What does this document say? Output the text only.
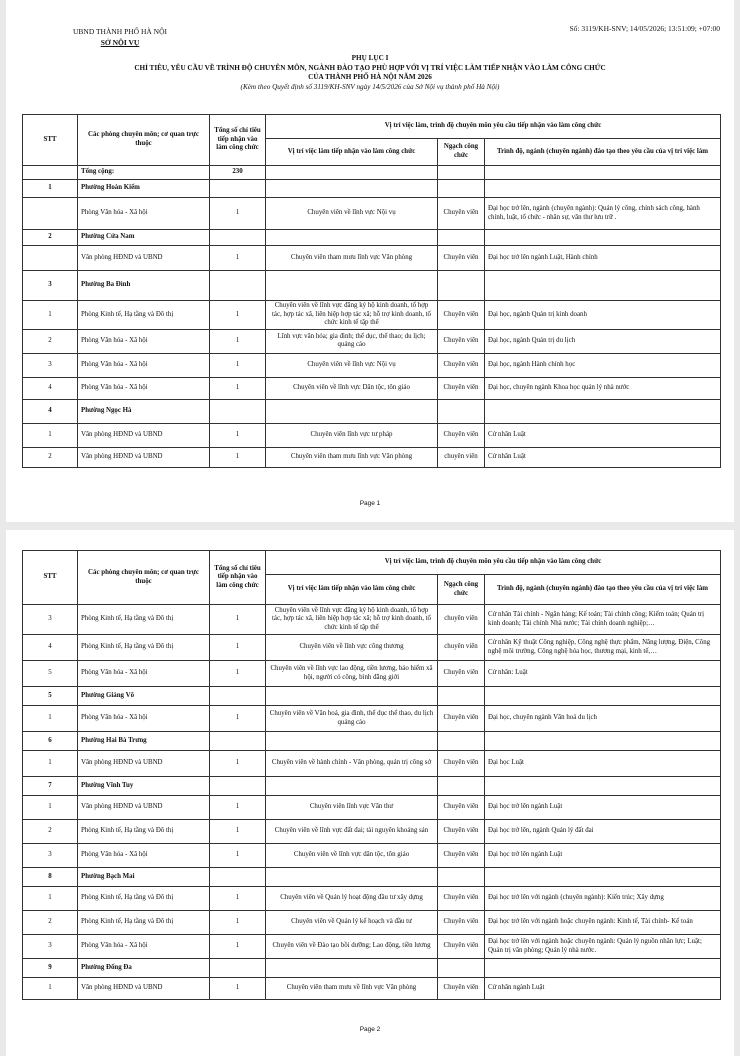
UBND THÀNH PHỐ HÀ NỘI
SỞ NỘI VỤ
Số: 3119/KH-SNV; 14/05/2026; 13:51:09; +07:00
PHỤ LỤC I
CHỈ TIÊU, YÊU CẦU VỀ TRÌNH ĐỘ CHUYÊN MÔN, NGÀNH ĐÀO TẠO PHÙ HỢP VỚI VỊ TRÍ VIỆC LÀM TIẾP NHẬN VÀO LÀM CÔNG CHỨC
CỦA THÀNH PHỐ HÀ NỘI NĂM 2026
(Kèm theo Quyết định số 3119/KH-SNV ngày 14/5/2026 của Sở Nội vụ thành phố Hà Nội)
STT	Các phòng chuyên môn; cơ quan trực thuộc	Tổng số chỉ tiêu tiếp nhận vào làm công chức	Vị trí việc làm, trình độ chuyên môn yêu cầu tiếp nhận vào làm công chức		
			Vị trí việc làm tiếp nhận vào làm công chức	Ngạch công chức	Trình độ, ngành (chuyên ngành) đào tạo theo yêu cầu của vị trí việc làm
	Tổng cộng:	230			
1	Phường Hoàn Kiếm				
	Phòng Văn hóa - Xã hội	1	Chuyên viên về lĩnh vực Nội vụ	Chuyên viên	Đại học trở lên, ngành (chuyên ngành): Quản lý công, chính sách công, hành chính, luật, tổ chức - nhân sự, văn thư lưu trữ .
2	Phường Cửa Nam				
	Văn phòng HĐND và UBND	1	Chuyên viên tham mưu lĩnh vực Văn phòng	Chuyên viên	Đại học trở lên ngành Luật, Hành chính
3	Phường Ba Đình				
1	Phòng Kinh tế, Hạ tầng và Đô thị	1	Chuyên viên về lĩnh vực đăng ký hộ kinh doanh, tổ hợp tác, hợp tác xã, liên hiệp hợp tác xã; hỗ trợ kinh doanh, tổ chức kinh tế tập thể	Chuyên viên	Đại học, ngành Quản trị kinh doanh
2	Phòng Văn hóa - Xã hội	1	Lĩnh vực văn hóa; gia đình; thể dục, thể thao; du lịch; quảng cáo	Chuyên viên	Đại học, ngành Quản trị du lịch
3	Phòng Văn hóa - Xã hội	1	Chuyên viên về lĩnh vực Nội vụ	Chuyên viên	Đại học, ngành Hành chính học
4	Phòng Văn hóa - Xã hội	1	Chuyên viên về lĩnh vực Dân tộc, tôn giáo	Chuyên viên	Đại học, chuyên ngành Khoa học quản lý nhà nước
4	Phường Ngọc Hà				
1	Văn phòng HĐND và UBND	1	Chuyên viên lĩnh vực tư pháp	Chuyên viên	Cử nhân Luật
2	Văn phòng HĐND và UBND	1	Chuyên viên tham mưu lĩnh vực Văn phòng	chuyên viên	Cử nhân Luật
Page 1
STT	Các phòng chuyên môn; cơ quan trực thuộc	Tổng số chỉ tiêu tiếp nhận vào làm công chức	Vị trí việc làm, trình độ chuyên môn yêu cầu tiếp nhận vào làm công chức		
			Vị trí việc làm tiếp nhận vào làm công chức	Ngạch công chức	Trình độ, ngành (chuyên ngành) đào tạo theo yêu cầu của vị trí việc làm
3	Phòng Kinh tế, Hạ tầng và Đô thị	1	Chuyên viên về lĩnh vực đăng ký hộ kinh doanh, tổ hợp tác, hợp tác xã, liên hiệp hợp tác xã; hỗ trợ kinh doanh, tổ chức kinh tế tập thể	chuyên viên	Cử nhân Tài chính - Ngân hàng; Kế toán; Tài chính công; Kiểm toán; Quản trị kinh doanh; Tài chính Nhà nước; Tài chính doanh nghiệp;…
4	Phòng Kinh tế, Hạ tầng và Đô thị	1	Chuyên viên về lĩnh vực công thương	chuyên viên	Cử nhân Kỹ thuật Công nghiệp, Công nghệ thực phẩm, Năng lượng, Điện, Công nghệ môi trường, Công nghệ hóa học, thương mại, kinh tế,…
5	Phòng Văn hóa - Xã hội	1	Chuyên viên về lĩnh vực lao động, tiền lương, bảo hiểm xã hội, người có công, bình đẳng giới	Chuyên viên	Cử nhân: Luật
5	Phường Giảng Võ				
1	Phòng Văn hóa - Xã hội	1	Chuyên viên về Văn hoá, gia đình, thể dục thể thao, du lịch quảng cáo	Chuyên viên	Đại học, chuyên ngành Văn hoá du lịch
6	Phường Hai Bà Trưng				
1	Văn phòng HĐND và UBND	1	Chuyên viên về hành chính - Văn phòng, quản trị công sở	Chuyên viên	Đại học Luật
7	Phường Vĩnh Tuy				
1	Văn phòng HĐND và UBND	1	Chuyên viên lĩnh vực Văn thư	Chuyên viên	Đại học trở lên ngành Luật
2	Phòng Kinh tế, Hạ tầng và Đô thị	1	Chuyên viên về lĩnh vực đất đai; tài nguyên khoáng sản	Chuyên viên	Đại học trở lên, ngành Quản lý đất đai
3	Phòng Văn hóa - Xã hội	1	Chuyên viên về lĩnh vực dân tộc, tôn giáo	Chuyên viên	Đại học trở lên ngành Luật
8	Phường Bạch Mai				
1	Phòng Kinh tế, Hạ tầng và Đô thị	1	Chuyên viên về Quản lý hoạt động đầu tư xây dựng	Chuyên viên	Đại học trở lên với ngành (chuyên ngành): Kiến trúc; Xây dựng
2	Phòng Kinh tế, Hạ tầng và Đô thị	1	Chuyên viên về Quản lý kế hoạch và đầu tư	Chuyên viên	Đại học trở lên với ngành hoặc chuyên ngành: Kinh tế, Tài chính- Kế toán
3	Phòng Văn hóa - Xã hội	1	Chuyên viên về Đào tạo bồi dưỡng; Lao động, tiền lương	Chuyên viên	Đại học trở lên với ngành hoặc chuyên ngành: Quản lý nguồn nhân lực; Luật; Quản trị văn phòng; Quản lý nhà nước.
9	Phường Đống Đa				
1	Văn phòng HĐND và UBND	1	Chuyên viên tham mưu về lĩnh vực Văn phòng	Chuyên viên	Cử nhân ngành Luật
Page 2
